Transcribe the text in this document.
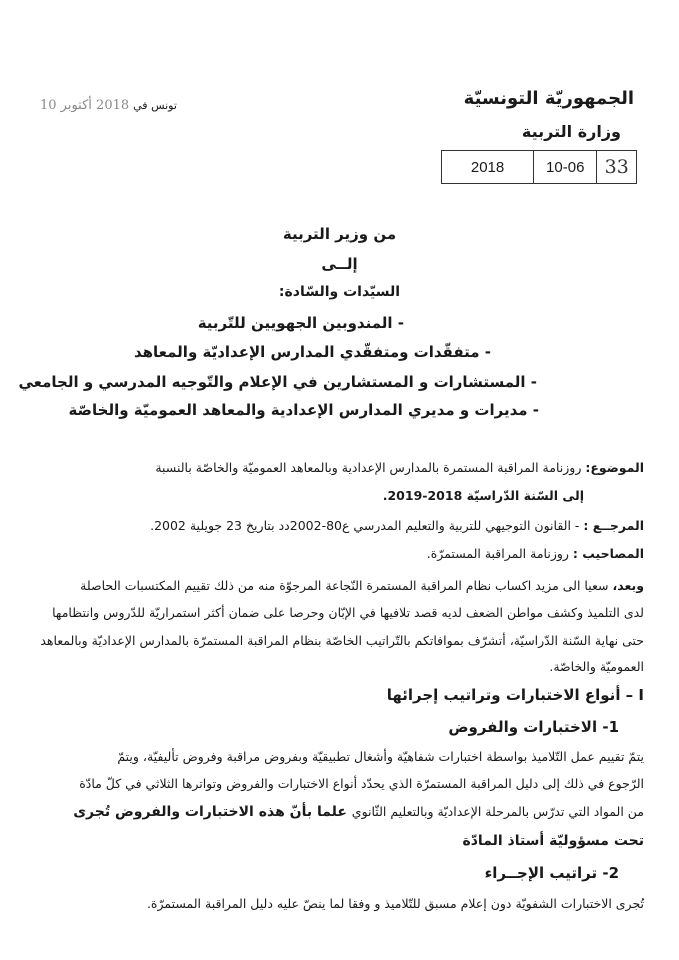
الجمهوريّة التونسيّة
وزارة التربية
33
10-06
2018
تونس في
2018 أكتوبر 10
من وزير التربية
إلــى
السيّدات والسّادة:
- المندوبين الجهويين للتّربية
- متفقّدات ومتفقّدي المدارس الإعداديّة والمعاهد
- المستشارات و المستشارين في الإعلام والتّوجيه المدرسي و الجامعي
- مديرات و مديري المدارس الإعدادية والمعاهد العموميّة والخاصّة
الموضوع: روزنامة المراقبة المستمرة بالمدارس الإعدادية وبالمعاهد العموميّة والخاصّة بالنسبة
إلى السّنة الدّراسيّة 2018-2019.
المرجــع : - القانون التوجيهي للتربية والتعليم المدرسي ع80-2002دد بتاريخ 23 جويلية 2002.
المصاحيب : روزنامة المراقبة المستمرّة.
وبعد، سعيا الى مزيد اكساب نظام المراقبة المستمرة النّجاعة المرجوّة منه من ذلك تقييم المكتسبات الحاصلة
لدى التلميذ وكشف مواطن الضعف لديه قصد تلافيها في الإبّان وحرصا على ضمان أكثر استمراريّة للدّروس وانتظامها
حتى نهاية السّنة الدّراسيّة، أتشرّف بموافاتكم بالتّراتيب الخاصّة بنظام المراقبة المستمرّة بالمدارس الإعداديّة وبالمعاهد
العموميّة والخاصّة.
I – أنواع الاختبارات وتراتيب إجرائها
1- الاختبارات والفروض
يتمّ تقييم عمل التّلاميذ بواسطة اختبارات شفاهيّة وأشغال تطبيقيّة وبفروض مراقبة وفروض تأليفيّة، ويتمّ
الرّجوع في ذلك إلى دليل المراقبة المستمرّة الذي يحدّد أنواع الاختبارات والفروض وتواترها الثلاثي في كلّ مادّة
من المواد التي تدرّس بالمرحلة الإعداديّة وبالتعليم الثّانوي علما بأنّ هذه الاختبارات والفروض تُجرى
تحت مسؤوليّة أستاذ المادّة
2- تراتيب الإجــراء
تُجرى الاختبارات الشفويّة دون إعلام مسبق للتّلاميذ و وفقا لما ينصّ عليه دليل المراقبة المستمرّة.
